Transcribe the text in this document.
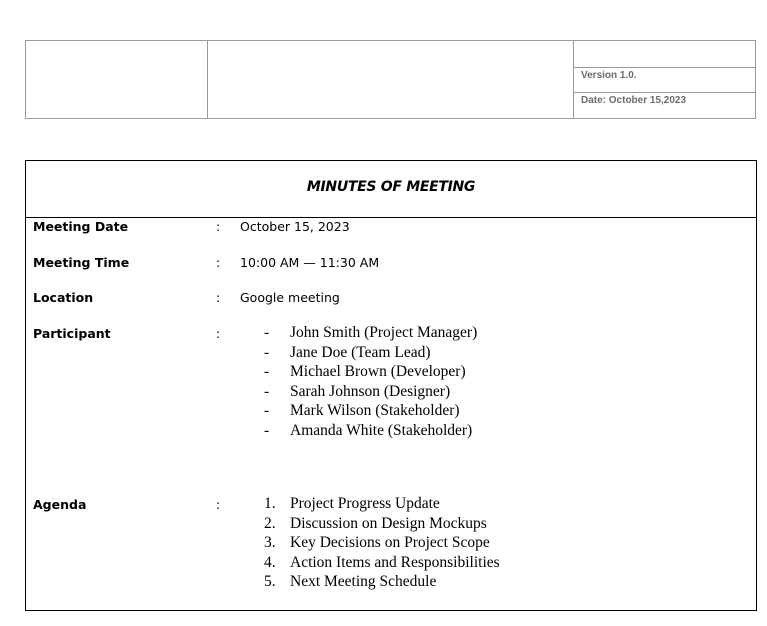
Version 1.0.
Date: October 15,2023
MINUTES OF MEETING
Meeting Date	: October 15, 2023
Meeting Time	: 10:00 AM — 11:30 AM
Location	: Google meeting
Participant	:	-	John Smith (Project Manager)
-	Jane Doe (Team Lead)
-	Michael Brown (Developer)
-	Sarah Johnson (Designer)
-	Mark Wilson (Stakeholder)
-	Amanda White (Stakeholder)
Agenda	:	1. Project Progress Update
2. Discussion on Design Mockups
3. Key Decisions on Project Scope
4. Action Items and Responsibilities
5. Next Meeting Schedule
